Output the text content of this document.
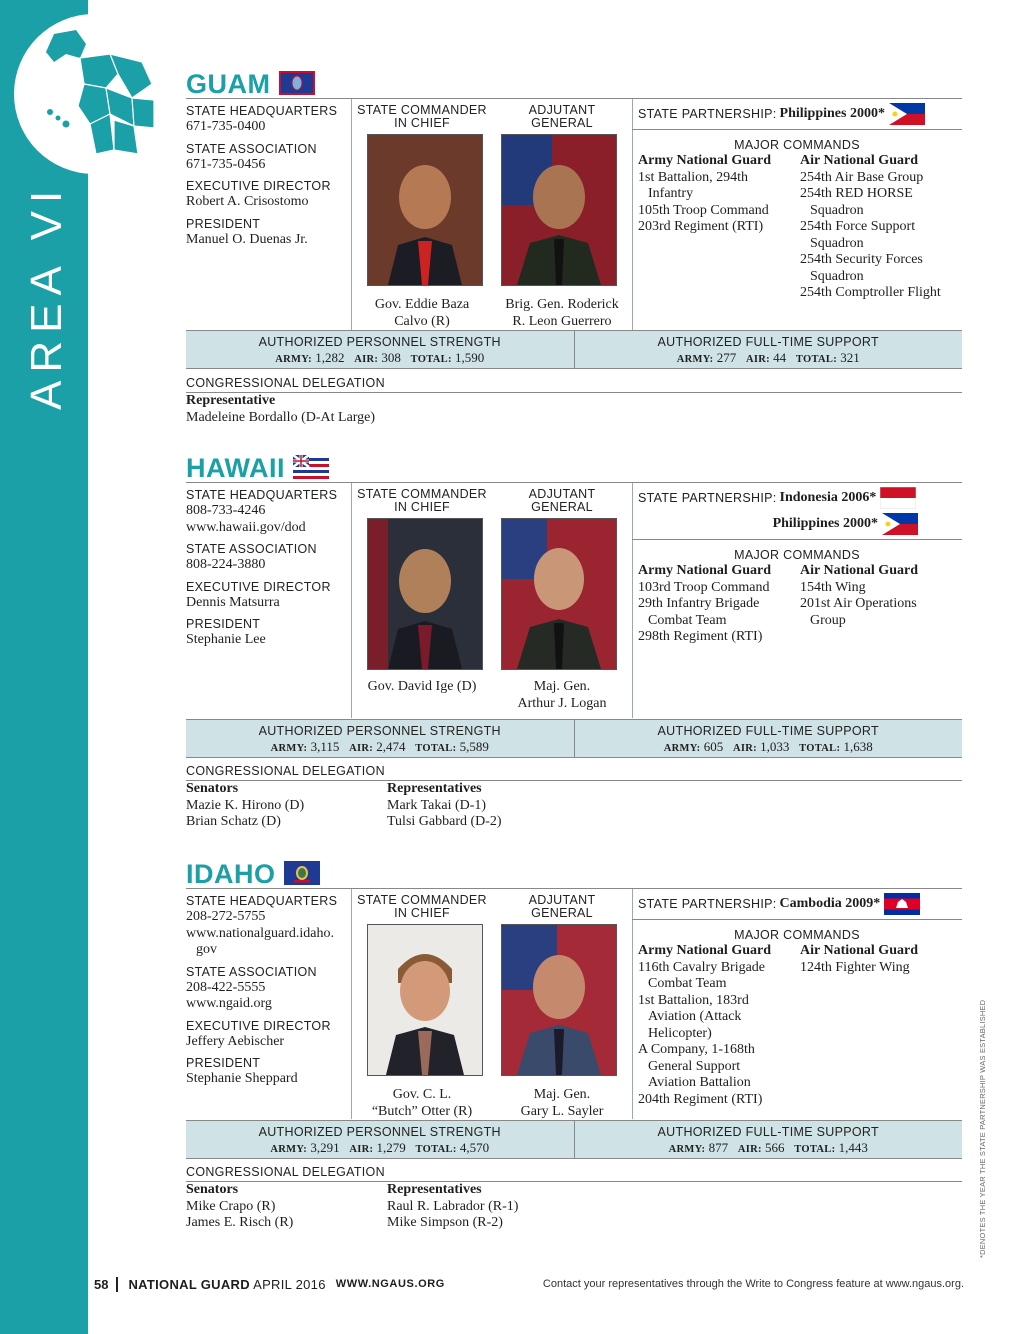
AREA VI
GUAM
STATE HEADQUARTERS
671-735-0400
STATE ASSOCIATION
671-735-0456
EXECUTIVE DIRECTOR
Robert A. Crisostomo
PRESIDENT
Manuel O. Duenas Jr.
STATE COMMANDER
IN CHIEF
ADJUTANT
GENERAL
Gov. Eddie Baza
Calvo (R)
Brig. Gen. Roderick
R. Leon Guerrero
STATE PARTNERSHIP: Philippines 2000*
MAJOR COMMANDS
Army National Guard
1st Battalion, 294th
Infantry
105th Troop Command
203rd Regiment (RTI)
Air National Guard
254th Air Base Group
254th RED HORSE
Squadron
254th Force Support
Squadron
254th Security Forces
Squadron
254th Comptroller Flight
AUTHORIZED PERSONNEL STRENGTH
ARMY: 1,282 AIR: 308 TOTAL: 1,590
AUTHORIZED FULL-TIME SUPPORT
ARMY: 277 AIR: 44 TOTAL: 321
CONGRESSIONAL DELEGATION
Representative
Madeleine Bordallo (D-At Large)
HAWAII
STATE HEADQUARTERS
808-733-4246
www.hawaii.gov/dod
STATE ASSOCIATION
808-224-3880
EXECUTIVE DIRECTOR
Dennis Matsurra
PRESIDENT
Stephanie Lee
STATE COMMANDER
IN CHIEF
ADJUTANT
GENERAL
Gov. David Ige (D)	Maj. Gen.
Arthur J. Logan
STATE PARTNERSHIP: Indonesia 2006*
Philippines 2000*
MAJOR COMMANDS
Army National Guard
103rd Troop Command
29th Infantry Brigade
Combat Team
298th Regiment (RTI)
Air National Guard
154th Wing
201st Air Operations
Group
AUTHORIZED PERSONNEL STRENGTH
ARMY: 3,115 AIR: 2,474 TOTAL: 5,589
AUTHORIZED FULL-TIME SUPPORT
ARMY: 605 AIR: 1,033 TOTAL: 1,638
CONGRESSIONAL DELEGATION
Senators
Mazie K. Hirono (D)
Brian Schatz (D)
Representatives
Mark Takai (D-1)
Tulsi Gabbard (D-2)
IDAHO
STATE HEADQUARTERS
208-272-5755
www.nationalguard.idaho.
gov
STATE ASSOCIATION
208-422-5555
www.ngaid.org
EXECUTIVE DIRECTOR
Jeffery Aebischer
PRESIDENT
Stephanie Sheppard
STATE COMMANDER
IN CHIEF
ADJUTANT
GENERAL
Gov. C. L.
“Butch” Otter (R)
Maj. Gen.
Gary L. Sayler
STATE PARTNERSHIP: Cambodia 2009*
MAJOR COMMANDS
Army National Guard
116th Cavalry Brigade
Combat Team
1st Battalion, 183rd
Aviation (Attack
Helicopter)
A Company, 1-168th
General Support
Aviation Battalion
204th Regiment (RTI)
Air National Guard
124th Fighter Wing
AUTHORIZED PERSONNEL STRENGTH
ARMY: 3,291 AIR: 1,279 TOTAL: 4,570
AUTHORIZED FULL-TIME SUPPORT
ARMY: 877 AIR: 566 TOTAL: 1,443
CONGRESSIONAL DELEGATION
Senators
Mike Crapo (R)
James E. Risch (R)
Representatives
Raul R. Labrador (R-1)
Mike Simpson (R-2)
58	NATIONAL GUARD APRIL 2016 WWW.NGAUS.ORG	Contact your representatives through the Write to Congress feature at www.ngaus.org.
*DENOTES THE YEAR THE STATE PARTNERSHIP WAS ESTABLISHED
